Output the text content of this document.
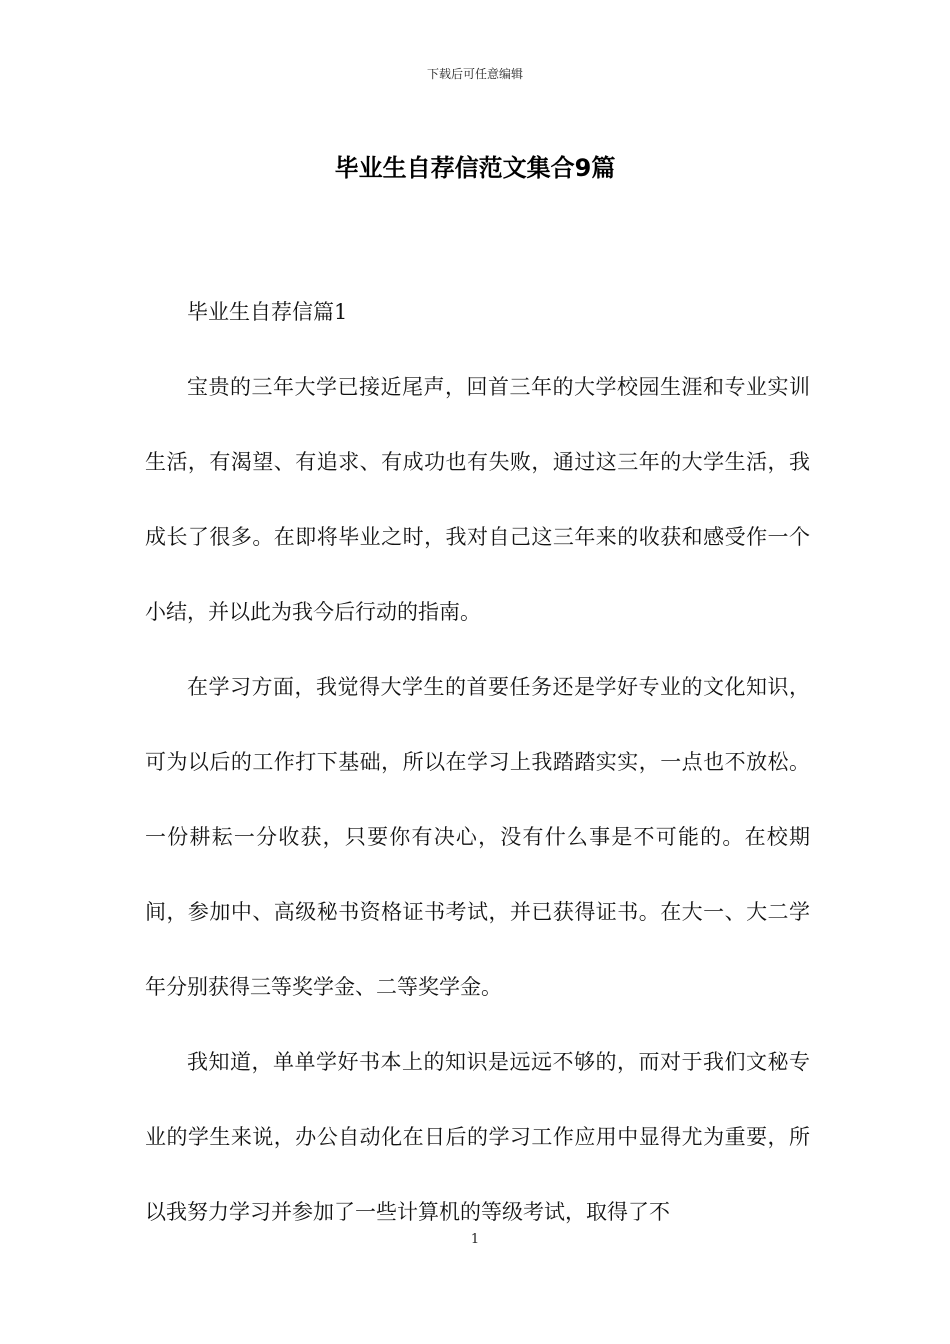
下载后可任意编辑
毕业生自荐信范文集合9篇

毕业生自荐信篇1

宝贵的三年大学已接近尾声，回首三年的大学校园生涯和专业实训生活，有渴望、有追求、有成功也有失败，通过这三年的大学生活，我成长了很多。在即将毕业之时，我对自己这三年来的收获和感受作一个小结，并以此为我今后行动的指南。

在学习方面，我觉得大学生的首要任务还是学好专业的文化知识，可为以后的工作打下基础，所以在学习上我踏踏实实，一点也不放松。一份耕耘一分收获，只要你有决心，没有什么事是不可能的。在校期间，参加中、高级秘书资格证书考试，并已获得证书。在大一、大二学年分别获得三等奖学金、二等奖学金。

我知道，单单学好书本上的知识是远远不够的，而对于我们文秘专业的学生来说，办公自动化在日后的学习工作应用中显得尤为重要，所以我努力学习并参加了一些计算机的等级考试，取得了不

1
